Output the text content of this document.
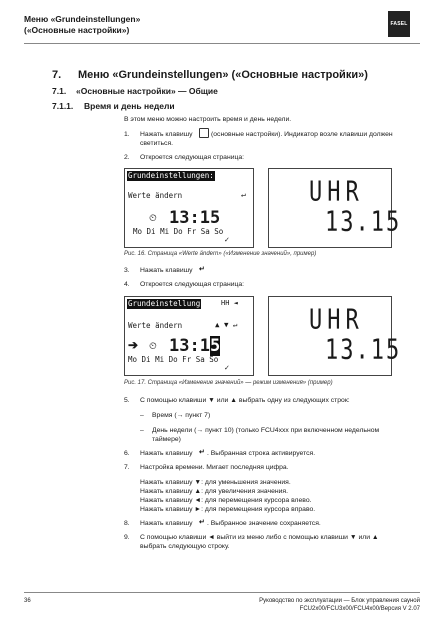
Меню «Grundeinstellungen»
(«Основные настройки»)
FASEL
7. Меню «Grundeinstellungen» («Основные настройки»)
7.1. «Основные настройки» — Общие
7.1.1. Время и день недели
В этом меню можно настроить время и день недели.
1. Нажать клавишу	(основные настройки). Индикатор возле клавиши должен
светиться.
2. Откроется следующая страница:
Grundeinstellungen:
Werte ändern	↵
⏲ 13:15
Mo Di Mi Do Fr Sa So
✓
UHR
13.15
Рис. 16. Страница «Werte ändern» («Изменение значений», пример)
3. Нажать клавишу ↵
4. Откроется следующая страница:
Grundeinstellung	HH ◄
Werte ändern	▲ ▼ ↵
➔ ⏲ 13:15
Mo Di Mi Do Fr Sa So
✓
UHR
13.15
Рис. 17. Страница «Изменение значений» — режим изменения» (пример)
5. С помощью клавиши ▼ или ▲ выбрать одну из следующих строк:
– Время (→ пункт 7)
– День недели (→ пункт 10) (только FCU4xxx при включенном недельном
таймере)
6. Нажать клавишу ↵ . Выбранная строка активируется.
7. Настройка времени. Мигает последняя цифра.
Нажать клавишу ▼: для уменьшения значения.
Нажать клавишу ▲: для увеличения значения.
Нажать клавишу ◄: для перемещения курсора влево.
Нажать клавишу ►: для перемещения курсора вправо.
8. Нажать клавишу ↵ . Выбранное значение сохраняется.
9. С помощью клавиши ◄ выйти из меню либо с помощью клавиши ▼ или ▲
выбрать следующую строку.
36	Руководство по эксплуатации — Блок управления сауной
FCU2x00/FCU3x00/FCU4x00/Версия V 2.07
